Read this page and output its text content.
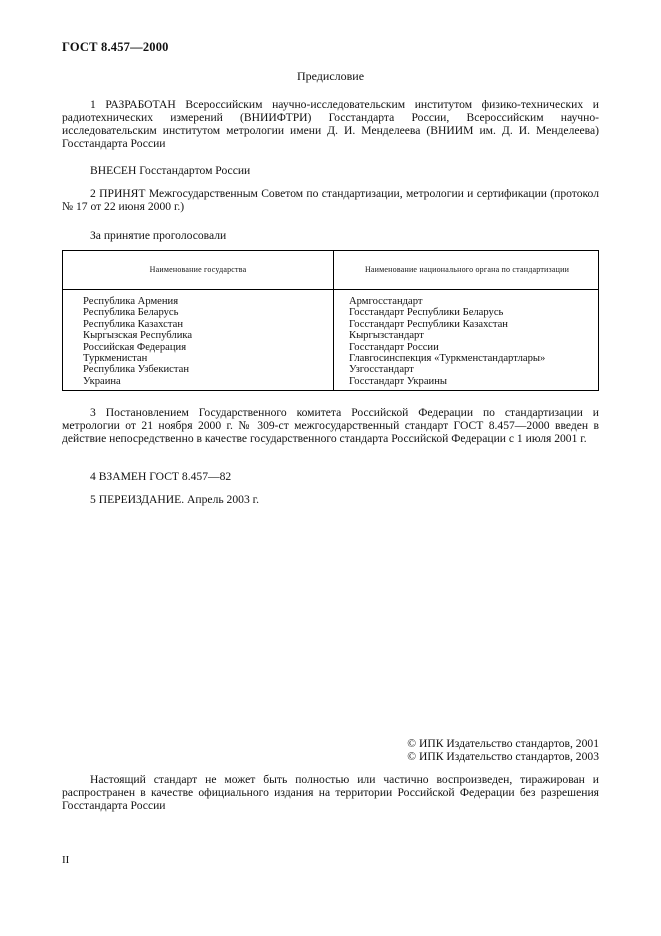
ГОСТ 8.457—2000
Предисловие
1 РАЗРАБОТАН Всероссийским научно-исследовательским институтом физико-технических и радиотехнических измерений (ВНИИФТРИ) Госстандарта России, Всероссийским научно-исследовательским институтом метрологии имени Д. И. Менделеева (ВНИИМ им. Д. И. Менделеева) Госстандарта России
ВНЕСЕН Госстандартом России
2 ПРИНЯТ Межгосударственным Советом по стандартизации, метрологии и сертификации (протокол № 17 от 22 июня 2000 г.)
За принятие проголосовали
Наименование государства	Наименование национального органа по стандартизации
Республика Армения
Республика Беларусь
Республика Казахстан
Кыргызская Республика
Российская Федерация
Туркменистан
Республика Узбекистан
Украина
Армгосстандарт
Госстандарт Республики Беларусь
Госстандарт Республики Казахстан
Кыргызстандарт
Госстандарт России
Главгосинспекция «Туркменстандартлары»
Узгосстандарт
Госстандарт Украины
3 Постановлением Государственного комитета Российской Федерации по стандартизации и метрологии от 21 ноября 2000 г. № 309-ст межгосударственный стандарт ГОСТ 8.457—2000 введен в действие непосредственно в качестве государственного стандарта Российской Федерации с 1 июля 2001 г.
4 ВЗАМЕН ГОСТ 8.457—82
5 ПЕРЕИЗДАНИЕ. Апрель 2003 г.
© ИПК Издательство стандартов, 2001
© ИПК Издательство стандартов, 2003
Настоящий стандарт не может быть полностью или частично воспроизведен, тиражирован и распространен в качестве официального издания на территории Российской Федерации без разрешения Госстандарта России
II
